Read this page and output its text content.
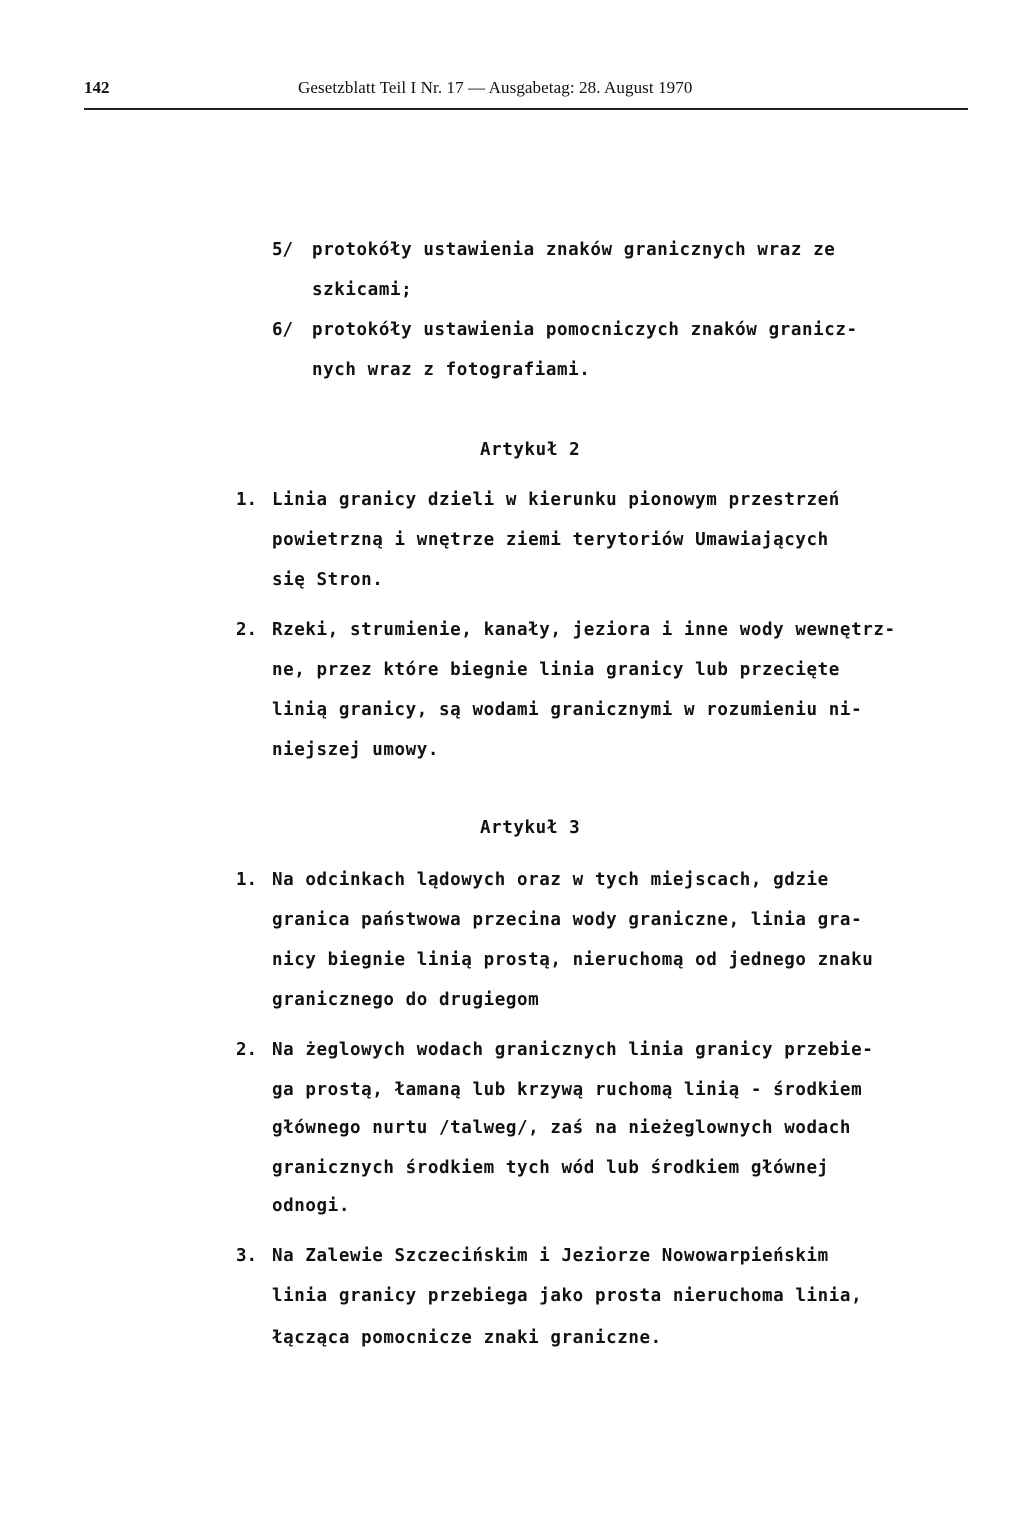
142	Gesetzblatt Teil I Nr. 17 — Ausgabetag: 28. August 1970
5/ protokóły ustawienia znaków granicznych wraz ze
szkicami;
6/ protokóły ustawienia pomocniczych znaków granicz-
nych wraz z fotografiami.
Artykuł 2
1. Linia granicy dzieli w kierunku pionowym przestrzeń
powietrzną i wnętrze ziemi terytoriów Umawiających
się Stron.
2. Rzeki, strumienie, kanały, jeziora i inne wody wewnętrz-
ne, przez które biegnie linia granicy lub przecięte
linią granicy, są wodami granicznymi w rozumieniu ni-
niejszej umowy.
Artykuł 3
1. Na odcinkach lądowych oraz w tych miejscach, gdzie
granica państwowa przecina wody graniczne, linia gra-
nicy biegnie linią prostą, nieruchomą od jednego znaku
granicznego do drugiegom
2. Na żeglowych wodach granicznych linia granicy przebie-
ga prostą, łamaną lub krzywą ruchomą linią - środkiem
głównego nurtu /talweg/, zaś na nieżeglownych wodach
granicznych środkiem tych wód lub środkiem głównej
odnogi.
3. Na Zalewie Szczecińskim i Jeziorze Nowowarpieńskim
linia granicy przebiega jako prosta nieruchoma linia,
łącząca pomocnicze znaki graniczne.
